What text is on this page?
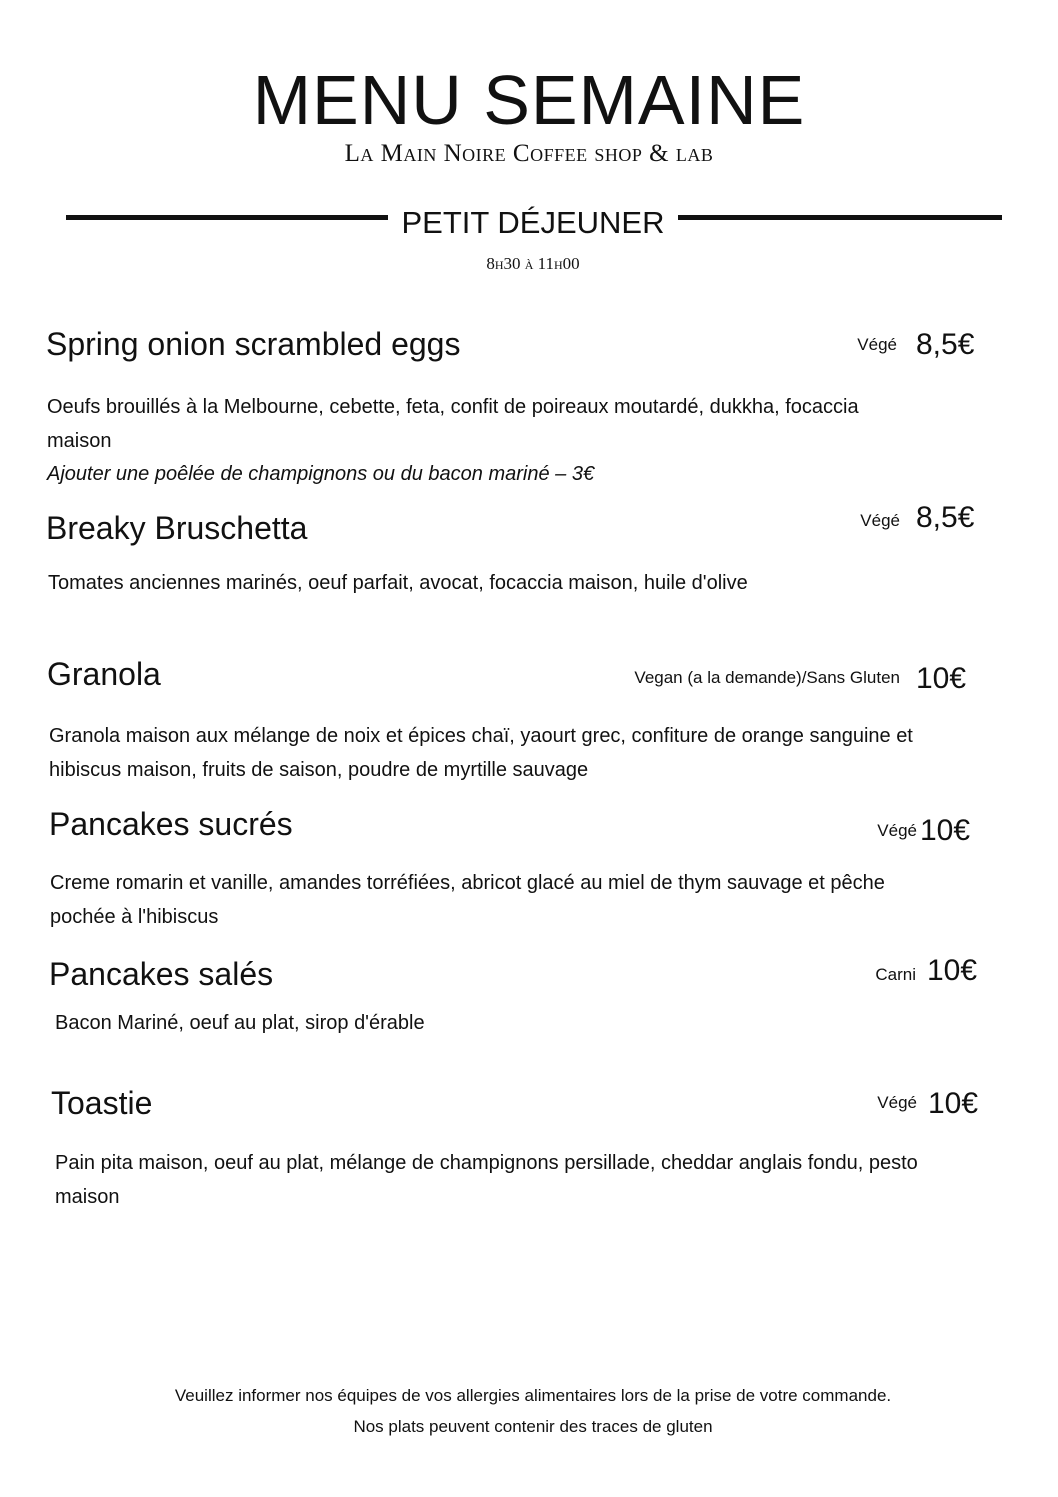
MENU SEMAINE
La Main Noire Coffee shop & lab
PETIT DÉJEUNER
8h30 à 11h00
Spring onion scrambled eggs	Végé 8,5€
Oeufs brouillés à la Melbourne, cebette, feta, confit de poireaux moutardé, dukkha, focaccia maison
Ajouter une poêlée de champignons ou du bacon mariné – 3€
Breaky Bruschetta	Végé 8,5€
Tomates anciennes marinés, oeuf parfait, avocat, focaccia maison, huile d'olive
Granola	Vegan (a la demande)/Sans Gluten 10€
Granola maison aux mélange de noix et épices chaï, yaourt grec, confiture de orange sanguine et hibiscus maison, fruits de saison, poudre de myrtille sauvage
Pancakes sucrés	Végé 10€
Creme romarin et vanille, amandes torréfiées, abricot glacé au miel de thym sauvage et pêche pochée à l'hibiscus
Pancakes salés	Carni 10€
Bacon Mariné, oeuf au plat, sirop d'érable
Toastie	Végé 10€
Pain pita maison, oeuf au plat, mélange de champignons persillade, cheddar anglais fondu, pesto maison
Veuillez informer nos équipes de vos allergies alimentaires lors de la prise de votre commande.
Nos plats peuvent contenir des traces de gluten
